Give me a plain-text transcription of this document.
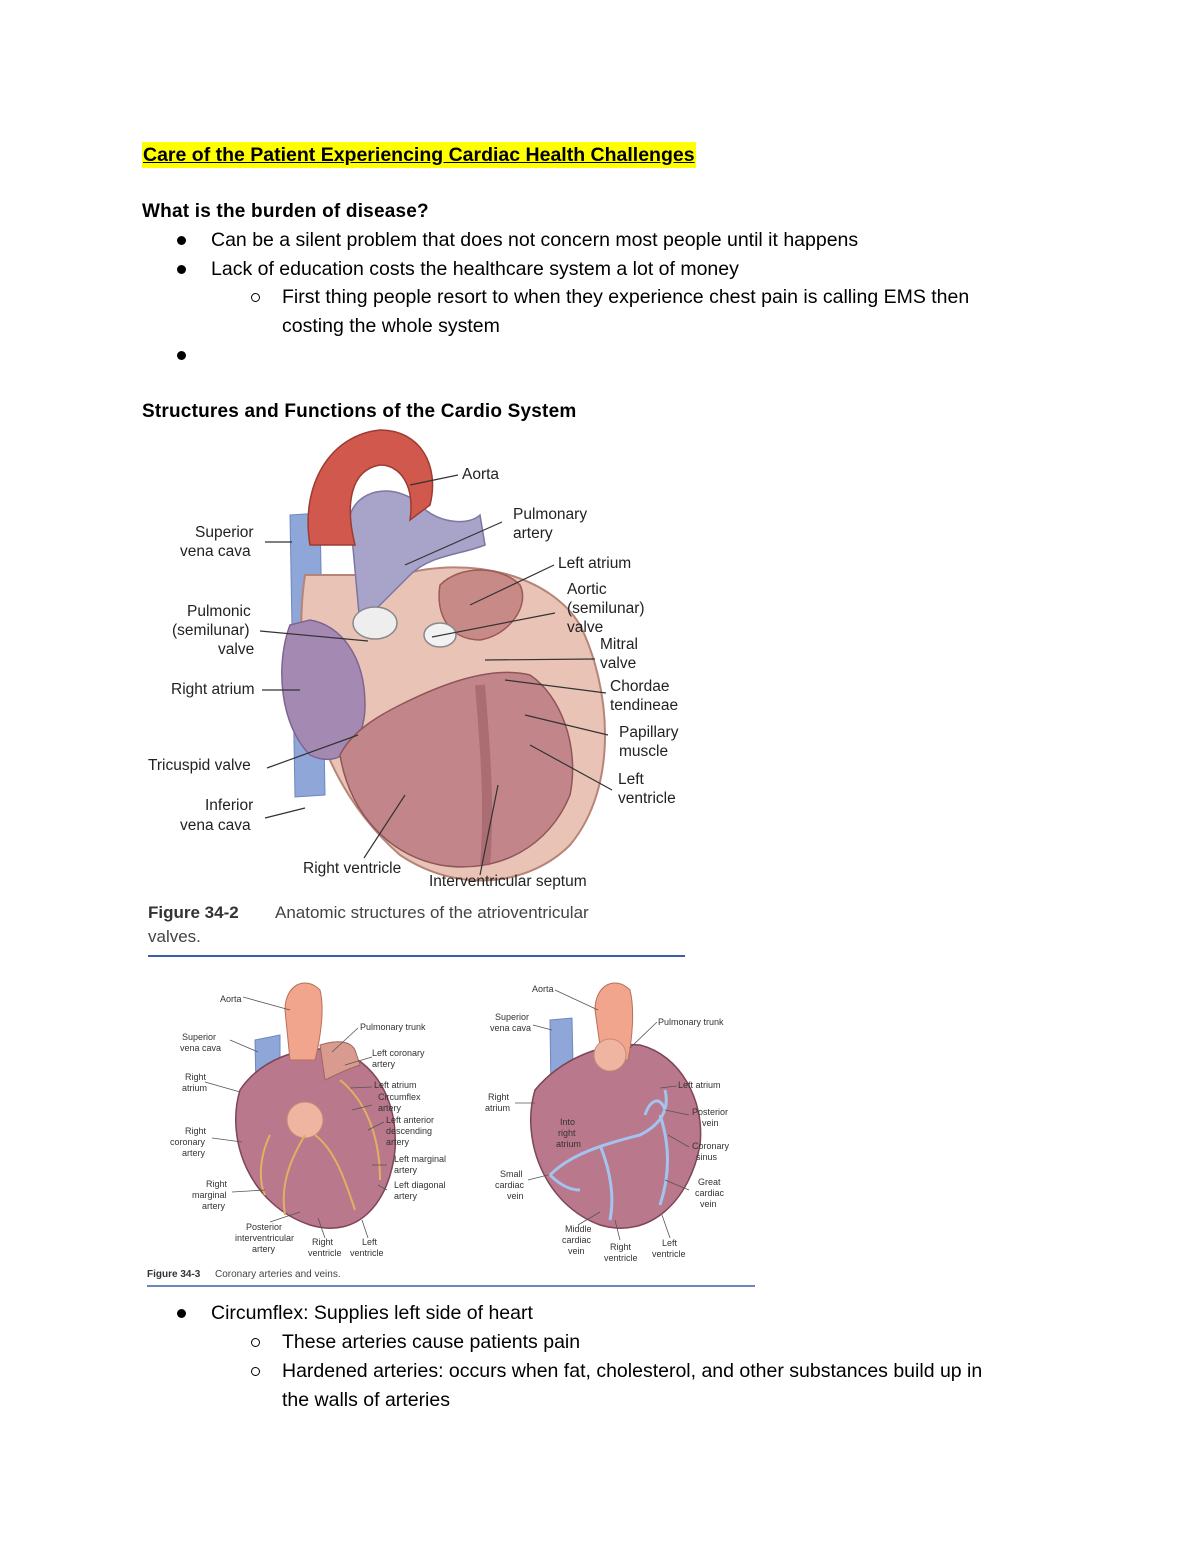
Care of the Patient Experiencing Cardiac Health Challenges
What is the burden of disease?
Can be a silent problem that does not concern most people until it happens
Lack of education costs the healthcare system a lot of money
First thing people resort to when they experience chest pain is calling EMS then
costing the whole system
Structures and Functions of the Cardio System
Aorta
Pulmonary
artery
Superior
vena cava
Left atrium
Aortic
(semilunar)
valve
Pulmonic
(semilunar)
valve	Mitral
valve
Right atrium	Chordae
tendineae
Papillary
muscle
Tricuspid valve
Left
ventricle
Inferior
vena cava
Right ventricle
Interventricular septum
Figure 34-2 Anatomic structures of the atrioventricular
valves.
Aorta
Superior
vena cava
Pulmonary trunk
Left coronary
artery
Right
atrium	Left atrium
Circumflex
artery
Left anterior
descending
artery
Right
coronary
artery
Left marginal
artery
Right
marginal
artery
Left diagonal
artery
Posterior
interventricular
artery
Right
ventricle
Left
ventricle
Aorta
Superior
vena cava
Pulmonary trunk
Right
atrium
Into
right
atrium
Left atrium
Posterior
vein
Coronary
sinus
Small
cardiac
vein
Great
cardiac
vein
Middle
cardiac
vein	Right
ventricle
Left
ventricle
Figure 34-3 Coronary arteries and veins.
Circumflex: Supplies left side of heart
These arteries cause patients pain
Hardened arteries: occurs when fat, cholesterol, and other substances build up in
the walls of arteries
